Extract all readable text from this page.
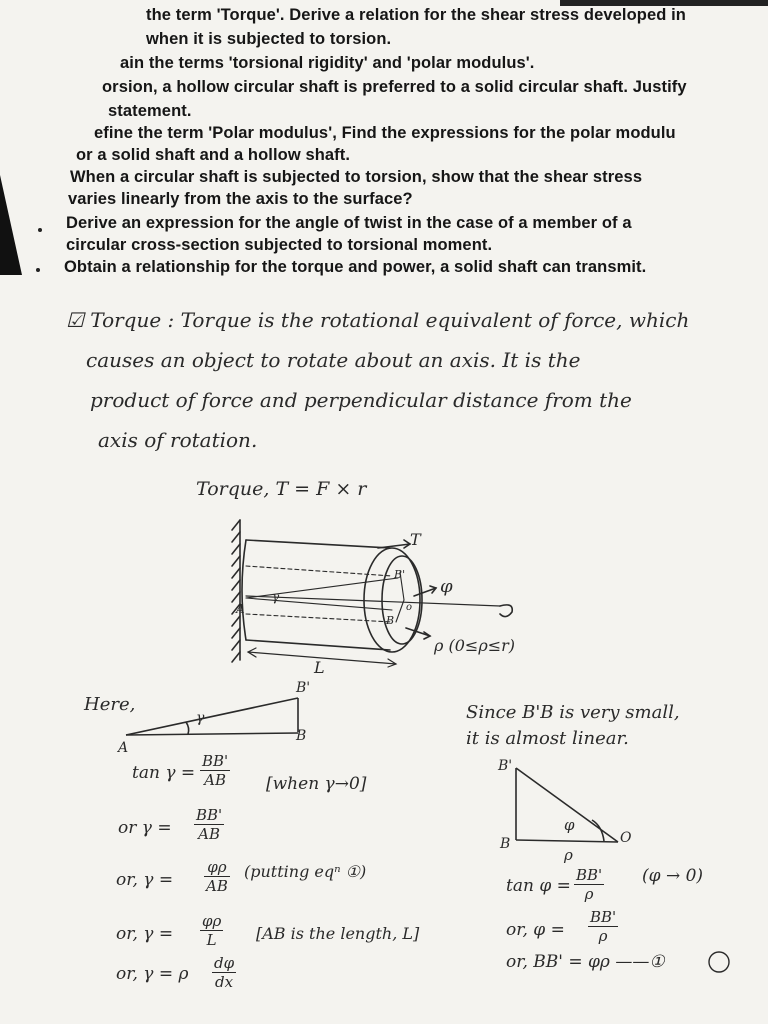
the term 'Torque'. Derive a relation for the shear stress developed in
when it is subjected to torsion.
ain the terms 'torsional rigidity' and 'polar modulus'.
orsion, a hollow circular shaft is preferred to a solid circular shaft. Justify
statement.
efine the term 'Polar modulus', Find the expressions for the polar modulu
or a solid shaft and a hollow shaft.
When a circular shaft is subjected to torsion, show that the shear stress
varies linearly from the axis to the surface?
Derive an expression for the angle of twist in the case of a member of a
circular cross-section subjected to torsional moment.
Obtain a relationship for the torque and power, a solid shaft can transmit.
☑ Torque : Torque is the rotational equivalent of force, which
causes an object to rotate about an axis. It is the
product of force and perpendicular distance from the
axis of rotation.
Torque, T = F × r
T
B'
A
γ
B
o
φ
ρ (0≤ρ≤r)
L
Here,
B'
A
B
γ
$\tan \gamma = \frac{BB'}{AB}$ [when γ→0]
or $\gamma = \frac{BB'}{AB}$
or, $\gamma = \frac{\varphi\rho}{AB}$ (putting eqⁿ ①)
or, $\gamma = \frac{\varphi\rho}{L} [AB$ is the length, L]
or, γ = ρ $\frac{d\varphi}{dx}$
Since B'B is very small,
it is almost linear.
B'
B	O
φ
ρ
$\tan \varphi = \frac{BB'}{\rho} (\varphi \to 0)$
or, $\varphi = \frac{BB'}{\rho}$
or, BB' = φρ ——①
